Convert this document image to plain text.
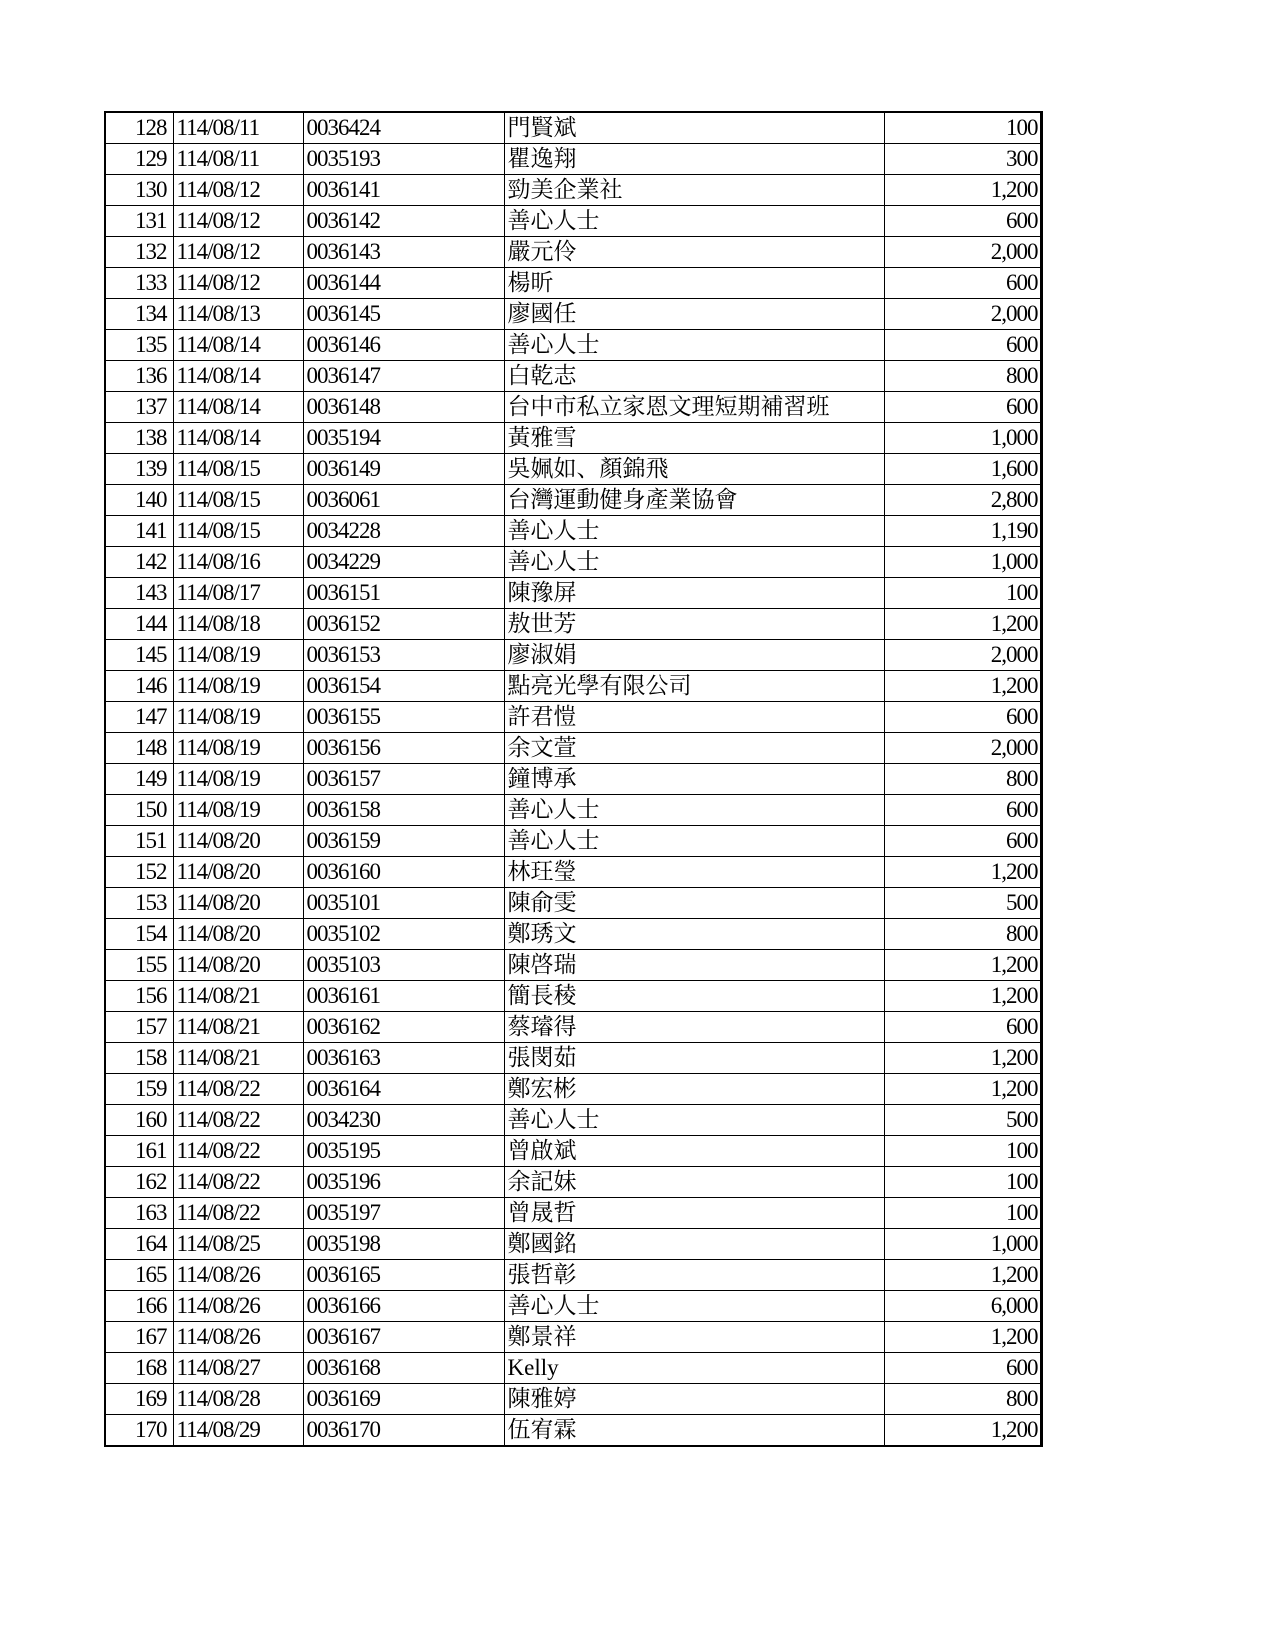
128	114/08/11	0036424	門賢斌	100
129	114/08/11	0035193	瞿逸翔	300
130	114/08/12	0036141	勁美企業社	1,200
131	114/08/12	0036142	善心人士	600
132	114/08/12	0036143	嚴元伶	2,000
133	114/08/12	0036144	楊昕	600
134	114/08/13	0036145	廖國任	2,000
135	114/08/14	0036146	善心人士	600
136	114/08/14	0036147	白乾志	800
137	114/08/14	0036148	台中市私立家恩文理短期補習班	600
138	114/08/14	0035194	黃雅雪	1,000
139	114/08/15	0036149	吳姵如、顏錦飛	1,600
140	114/08/15	0036061	台灣運動健身產業協會	2,800
141	114/08/15	0034228	善心人士	1,190
142	114/08/16	0034229	善心人士	1,000
143	114/08/17	0036151	陳豫屏	100
144	114/08/18	0036152	敖世芳	1,200
145	114/08/19	0036153	廖淑娟	2,000
146	114/08/19	0036154	點亮光學有限公司	1,200
147	114/08/19	0036155	許君愷	600
148	114/08/19	0036156	余文萱	2,000
149	114/08/19	0036157	鐘博承	800
150	114/08/19	0036158	善心人士	600
151	114/08/20	0036159	善心人士	600
152	114/08/20	0036160	林玨瑩	1,200
153	114/08/20	0035101	陳俞雯	500
154	114/08/20	0035102	鄭琇文	800
155	114/08/20	0035103	陳啓瑞	1,200
156	114/08/21	0036161	簡長稜	1,200
157	114/08/21	0036162	蔡璿得	600
158	114/08/21	0036163	張閔茹	1,200
159	114/08/22	0036164	鄭宏彬	1,200
160	114/08/22	0034230	善心人士	500
161	114/08/22	0035195	曾啟斌	100
162	114/08/22	0035196	余記妹	100
163	114/08/22	0035197	曾晟哲	100
164	114/08/25	0035198	鄭國銘	1,000
165	114/08/26	0036165	張哲彰	1,200
166	114/08/26	0036166	善心人士	6,000
167	114/08/26	0036167	鄭景祥	1,200
168	114/08/27	0036168	Kelly	600
169	114/08/28	0036169	陳雅婷	800
170	114/08/29	0036170	伍宥霖	1,200
